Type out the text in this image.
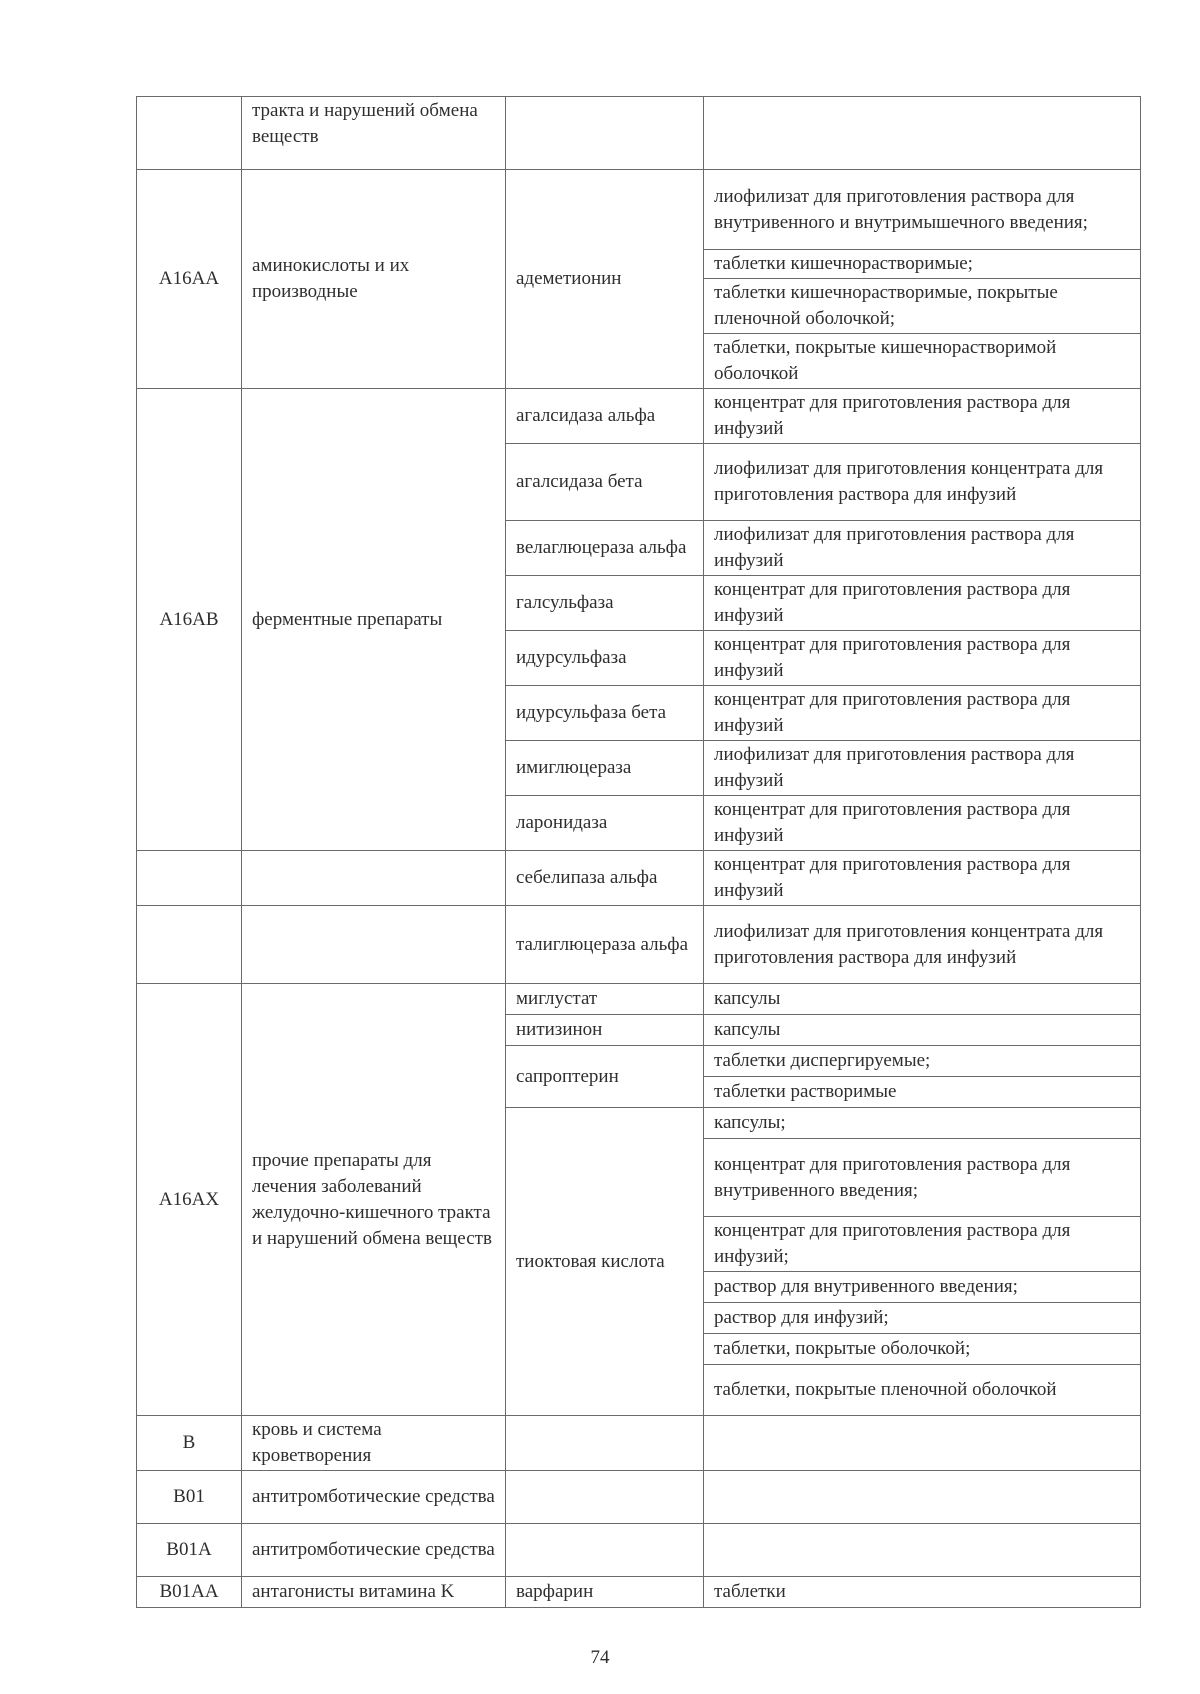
	тракта и нарушений обмена веществ		
A16AA	аминокислоты и их производные	адеметионин	лиофилизат для приготовления раствора для внутривенного и внутримышечного введения;
			таблетки кишечнорастворимые;
			таблетки кишечнорастворимые, покрытые пленочной оболочкой;
			таблетки, покрытые кишечнорастворимой оболочкой
A16AB	ферментные препараты	агалсидаза альфа	концентрат для приготовления раствора для инфузий
		агалсидаза бета	лиофилизат для приготовления концентрата для приготовления раствора для инфузий
		велаглюцераза альфа	лиофилизат для приготовления раствора для инфузий
		галсульфаза	концентрат для приготовления раствора для инфузий
		идурсульфаза	концентрат для приготовления раствора для инфузий
		идурсульфаза бета	концентрат для приготовления раствора для инфузий
		имиглюцераза	лиофилизат для приготовления раствора для инфузий
		ларонидаза	концентрат для приготовления раствора для инфузий
		себелипаза альфа	концентрат для приготовления раствора для инфузий
		талиглюцераза альфа	лиофилизат для приготовления концентрата для приготовления раствора для инфузий
A16AX	прочие препараты для лечения заболеваний желудочно-кишечного тракта и нарушений обмена веществ	миглустат	капсулы
		нитизинон	капсулы
		сапроптерин	таблетки диспергируемые;
			таблетки растворимые
		тиоктовая кислота	капсулы;
			концентрат для приготовления раствора для внутривенного введения;
			концентрат для приготовления раствора для инфузий;
			раствор для внутривенного введения;
			раствор для инфузий;
			таблетки, покрытые оболочкой;
			таблетки, покрытые пленочной оболочкой
B	кровь и система кроветворения		
B01	антитромботические средства		
B01A	антитромботические средства		
B01AA	антагонисты витамина K	варфарин	таблетки
74
